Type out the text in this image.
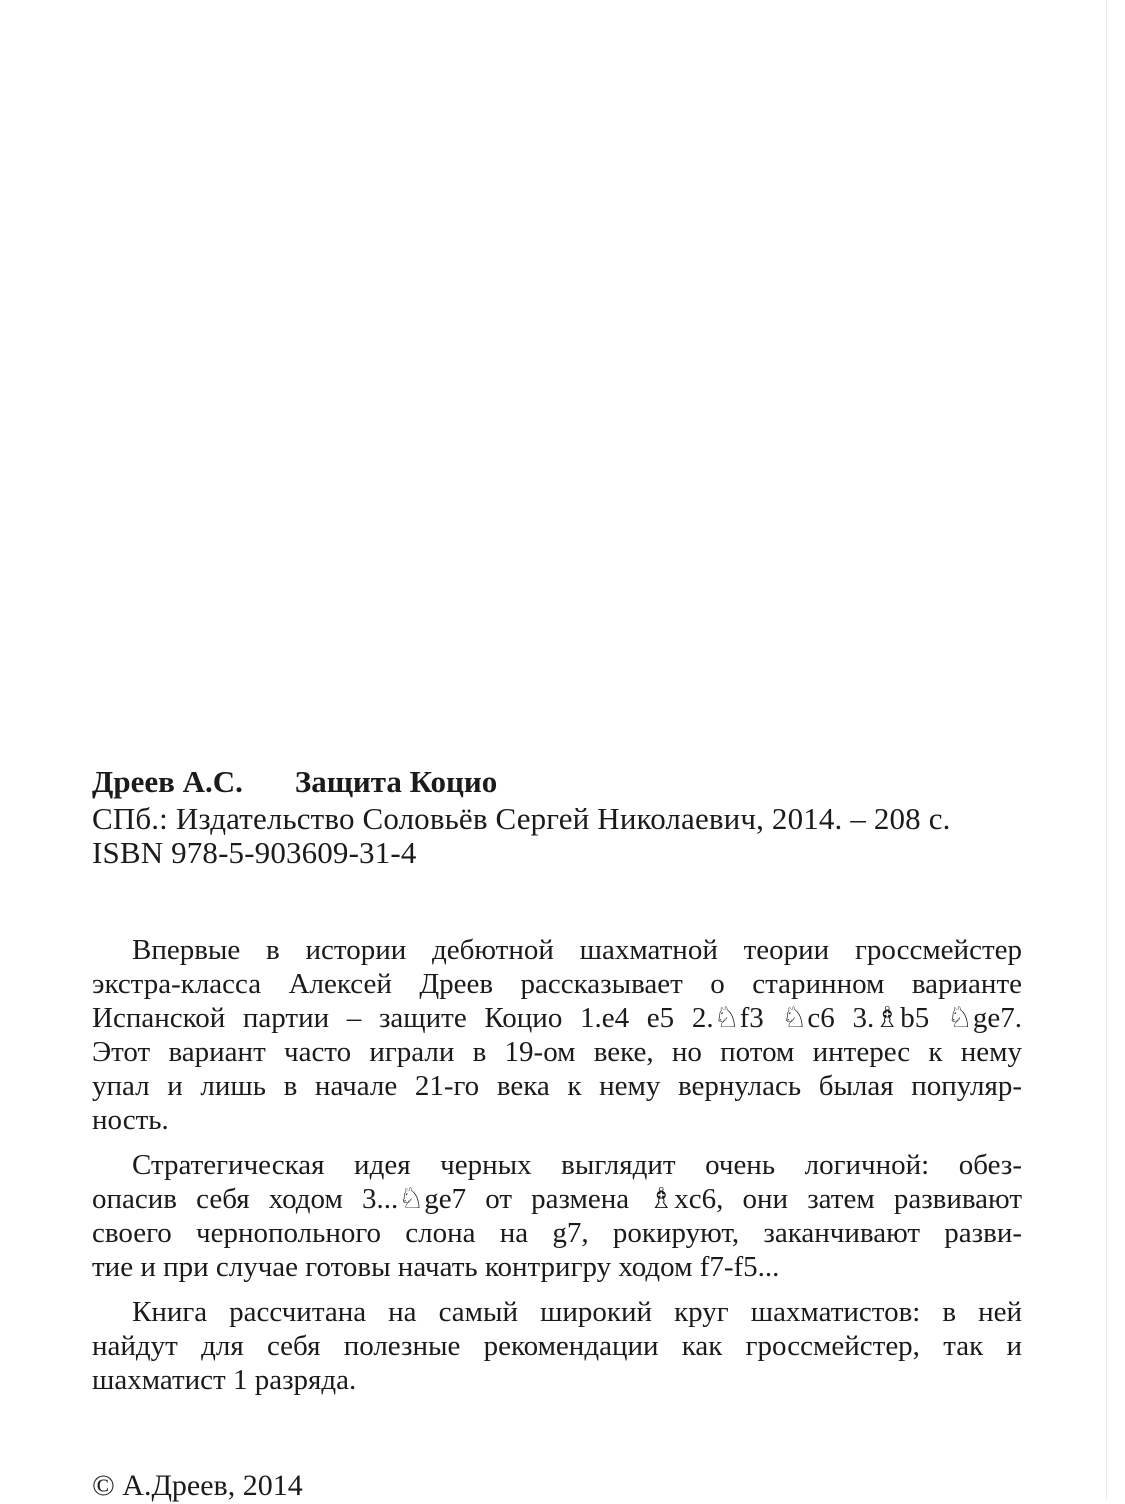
Дреев А.С. Защита Коцио
СПб.: Издательство Соловьёв Сергей Николаевич, 2014. – 208 с.
ISBN 978-5-903609-31-4
Впервые в истории дебютной шахматной теории гроссмейстер
экстра-класса Алексей Дреев рассказывает о старинном варианте
Испанской партии – защите Коцио 1.e4 e5 2.♘f3 ♘c6 3.♗b5 ♘ge7.
Этот вариант часто играли в 19-ом веке, но потом интерес к нему
упал и лишь в начале 21-го века к нему вернулась былая популяр-
ность.
Стратегическая идея черных выглядит очень логичной: обез-
опасив себя ходом 3...♘ge7 от размена ♗xc6, они затем развивают
своего чернопольного слона на g7, рокируют, заканчивают разви-
тие и при случае готовы начать контригру ходом f7-f5...
Книга рассчитана на самый широкий круг шахматистов: в ней
найдут для себя полезные рекомендации как гроссмейстер, так и
шахматист 1 разряда.
© А.Дреев, 2014
